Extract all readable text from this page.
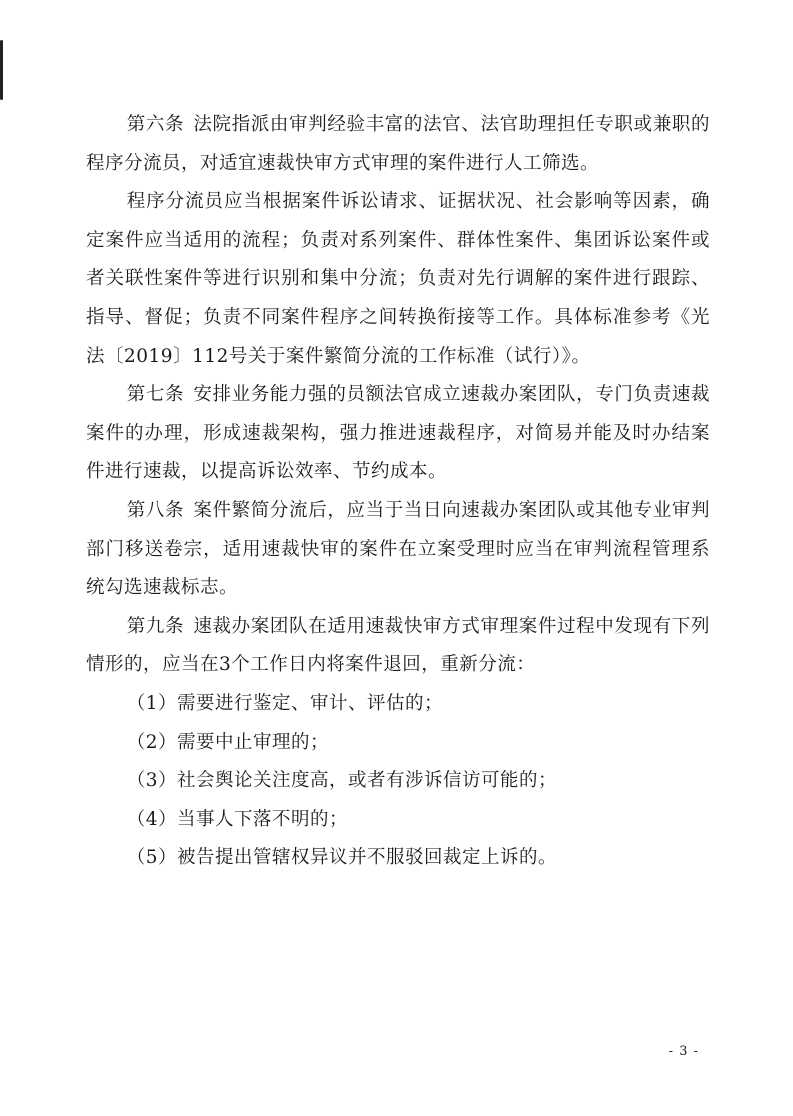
第六条 法院指派由审判经验丰富的法官、法官助理担任专职或兼职的程序分流员，对适宜速裁快审方式审理的案件进行人工筛选。

程序分流员应当根据案件诉讼请求、证据状况、社会影响等因素，确定案件应当适用的流程；负责对系列案件、群体性案件、集团诉讼案件或者关联性案件等进行识别和集中分流；负责对先行调解的案件进行跟踪、指导、督促；负责不同案件程序之间转换衔接等工作。具体标准参考《光法〔2019〕112号关于案件繁简分流的工作标准（试行）》。

第七条 安排业务能力强的员额法官成立速裁办案团队，专门负责速裁案件的办理，形成速裁架构，强力推进速裁程序，对简易并能及时办结案件进行速裁，以提高诉讼效率、节约成本。

第八条 案件繁简分流后，应当于当日向速裁办案团队或其他专业审判部门移送卷宗，适用速裁快审的案件在立案受理时应当在审判流程管理系统勾选速裁标志。

第九条 速裁办案团队在适用速裁快审方式审理案件过程中发现有下列情形的，应当在3个工作日内将案件退回，重新分流：

（1）需要进行鉴定、审计、评估的；

（2）需要中止审理的；

（3）社会舆论关注度高，或者有涉诉信访可能的；

（4）当事人下落不明的；

（5）被告提出管辖权异议并不服驳回裁定上诉的。

- 3 -
